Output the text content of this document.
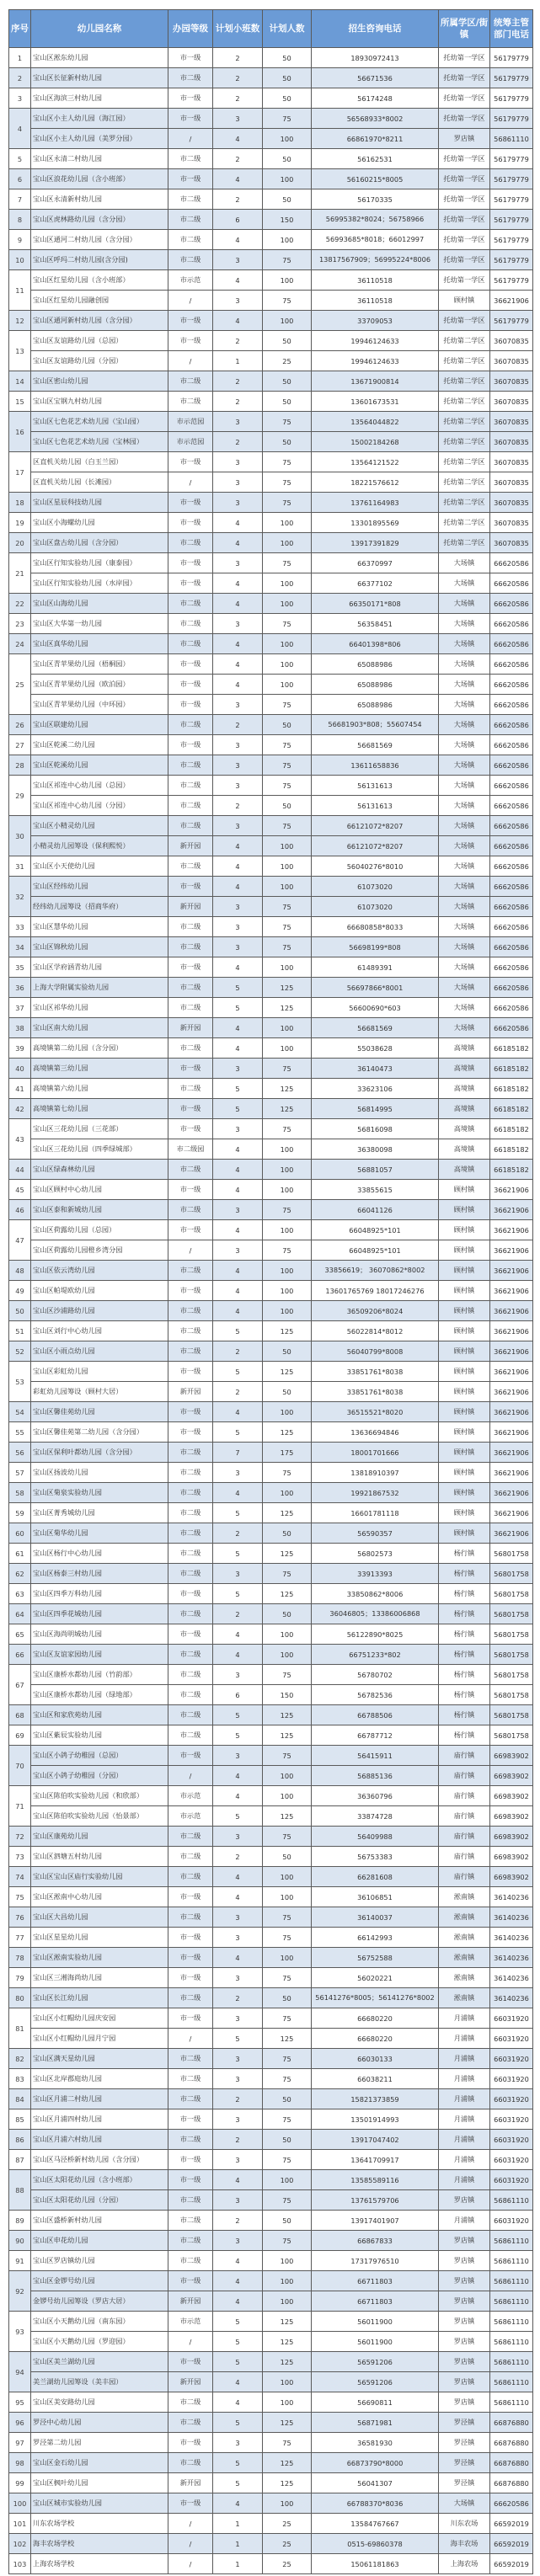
序号	幼儿园名称	办园等级	计划小班数	计划人数	招生咨询电话	所属学区/街镇	统筹主管部门电话
1	宝山区淞东幼儿园	市一级	2	50	18930972413	托幼第一学区	56179779
2	宝山区长征新村幼儿园	市二级	2	50	56671536	托幼第一学区	56179779
3	宝山区海滨三村幼儿园	市一级	2	50	56174248	托幼第一学区	56179779
4	宝山区小主人幼儿园（海江园）	市一级	3	75	56568933*8002	托幼第一学区	56179779
	宝山区小主人幼儿园（美罗分园）	/	4	100	66861970*8211	罗店镇	56861110
5	宝山区永清二村幼儿园	市二级	2	50	56162531	托幼第一学区	56179779
6	宝山区浪花幼儿园（含小班部）	市一级	4	100	56160215*8005	托幼第一学区	56179779
7	宝山区永清新村幼儿园	市二级	2	50	56170335	托幼第一学区	56179779
8	宝山区虎林路幼儿园（含分园）	市二级	6	150	56995382*8024；56758966	托幼第一学区	56179779
9	宝山区通河二村幼儿园（含分园）	市二级	4	100	56993685*8018；66012997	托幼第一学区	56179779
10	宝山区呼玛二村幼儿园(含分园)	市二级	3	75	13817567909；56995224*8006	托幼第一学区	56179779
11	宝山区红星幼儿园（含小班部）	市示范	4	100	36110518	托幼第一学区	56179779
	宝山区红星幼儿园融创园	/	3	75	36110518	顾村镇	36621906
12	宝山区通河新村幼儿园（含分园）	市一级	4	100	33709053	托幼第一学区	56179779
13	宝山区友谊路幼儿园（总园）	市一级	2	50	19946124633	托幼第二学区	36070835
	宝山区友谊路幼儿园（分园）	/	1	25	19946124633	托幼第二学区	36070835
14	宝山区密山幼儿园	市二级	2	50	13671900814	托幼第二学区	36070835
15	宝山区宝钢九村幼儿园	市二级	2	50	13601673531	托幼第二学区	36070835
16	宝山区七色花艺术幼儿园（宝山园）	市示范园	3	75	13564044822	托幼第二学区	36070835
	宝山区七色花艺术幼儿园（宝林园）	市示范园	2	50	15002184268	托幼第二学区	36070835
17	区直机关幼儿园（白玉兰园）	市一级	3	75	13564121522	托幼第二学区	36070835
	区直机关幼儿园（长滩园）	/	3	75	18221576612	托幼第二学区	36070835
18	宝山区星辰科技幼儿园	市一级	3	75	13761164983	托幼第二学区	36070835
19	宝山区小海螺幼儿园	市一级	4	100	13301895569	托幼第二学区	36070835
20	宝山区盘古幼儿园（含分园）	市二级	4	100	13917391829	托幼第二学区	36070835
21	宝山区行知实验幼儿园（康泰园）	市一级	3	75	66370997	大场镇	66620586
	宝山区行知实验幼儿园（水岸园）	市一级	4	100	66377102	大场镇	66620586
22	宝山区山海幼儿园	市二级	4	100	66350171*808	大场镇	66620586
23	宝山区大华第一幼儿园	市二级	3	75	56358451	大场镇	66620586
24	宝山区真华幼儿园	市二级	4	100	66401398*806	大场镇	66620586
25	宝山区青苹果幼儿园（梧桐园）	市一级	4	100	65088986	大场镇	66620586
	宝山区青苹果幼儿园（欧泊园）	市一级	4	100	65088986	大场镇	66620586
	宝山区青苹果幼儿园（中环园）	市一级	3	75	65088986	大场镇	66620586
26	宝山区联建幼儿园	市二级	2	50	56681903*808；55607454	大场镇	66620586
27	宝山区乾溪二幼儿园	市一级	3	75	56681569	大场镇	66620586
28	宝山区乾溪幼儿园	市二级	3	75	13611658836	大场镇	66620586
29	宝山区祁连中心幼儿园（总园）	市二级	3	75	56131613	大场镇	66620586
	宝山区祁连中心幼儿园（分园）	市二级	2	50	56131613	大场镇	66620586
30	宝山区小精灵幼儿园	市二级	3	75	66121072*8207	大场镇	66620586
	小精灵幼儿园筹设（保利熙悦）	新开园	4	100	66121072*8207	大场镇	66620586
31	宝山区小天使幼儿园	市二级	4	100	56040276*8010	大场镇	66620586
32	宝山区经纬幼儿园	市一级	4	100	61073020	大场镇	66620586
	经纬幼儿园筹设（招商华府）	新开园	3	75	61073020	大场镇	66620586
33	宝山区慧华幼儿园	市二级	3	75	66680858*8033	大场镇	66620586
34	宝山区锦秋幼儿园	市二级	3	75	56698199*808	大场镇	66620586
35	宝山区学府涵青幼儿园	市一级	4	100	61489391	大场镇	66620586
36	上海大学附属实验幼儿园	市二级	5	125	56697866*8001	大场镇	66620586
37	宝山区祁华幼儿园	市二级	5	125	56600690*603	大场镇	66620586
38	宝山区南大幼儿园	新开园	4	100	56681569	大场镇	66620586
39	高境镇第二幼儿园（含分园）	市二级	4	100	55038628	高境镇	66185182
40	高境镇第三幼儿园	市一级	3	75	36140473	高境镇	66185182
41	高境镇第六幼儿园	市二级	5	125	33623106	高境镇	66185182
42	高境镇第七幼儿园	市一级	5	125	56814995	高境镇	66185182
43	宝山区三花幼儿园（三花部）	市一级	3	75	56816098	高境镇	66185182
	宝山区三花幼儿园（四季绿城部）	市二级园	4	100	36380098	高境镇	66185182
44	宝山区绿森林幼儿园	市二级	4	100	56881057	高境镇	66185182
45	宝山区顾村中心幼儿园	市一级	4	100	33855615	顾村镇	36621906
46	宝山区泰和新城幼儿园	市二级	3	75	66041126	顾村镇	36621906
47	宝山区荷露幼儿园（总园）	市一级	4	100	66048925*101	顾村镇	36621906
	宝山区荷露幼儿园橙乡湾分园	/	3	75	66048925*101	顾村镇	36621906
48	宝山区依云湾幼儿园	市二级	4	100	33856619； 36070862*8002	顾村镇	36621906
49	宝山区帕堤欧幼儿园	市一级	4	100	13601765769 18017246276	顾村镇	36621906
50	宝山区沙浦路幼儿园	市二级	4	100	36509206*8024	顾村镇	36621906
51	宝山区刘行中心幼儿园	市二级	5	125	56022814*8012	顾村镇	36621906
52	宝山区小雨点幼儿园	市二级	2	50	56040799*8008	顾村镇	36621906
53	宝山区彩虹幼儿园	市一级	5	125	33851761*8038	顾村镇	36621906
	彩虹幼儿园筹设（顾村大居）	新开园	2	50	33851761*8038	顾村镇	36621906
54	宝山区馨佳苑幼儿园	市一级	4	100	36515521*8020	顾村镇	36621906
55	宝山区馨佳苑第二幼儿园（含分园）	市一级	5	125	13636694846	顾村镇	36621906
56	宝山区保利叶都幼儿园（含分园）	市二级	7	175	18001701666	顾村镇	36621906
57	宝山区扬波幼儿园	市二级	3	75	13818910397	顾村镇	36621906
58	宝山区菊泉实验幼儿园	市二级	4	100	19921867532	顾村镇	36621906
59	宝山区菁秀城幼儿园	市二级	5	125	16601781118	顾村镇	36621906
60	宝山区菊华幼儿园	市二级	2	50	56590357	顾村镇	36621906
61	宝山区杨行中心幼儿园	市二级	5	125	56802573	杨行镇	56801758
62	宝山区杨泰三村幼儿园	市二级	3	75	33913393	杨行镇	56801758
63	宝山区四季万科幼儿园	市一级	5	125	33850862*8006	杨行镇	56801758
64	宝山区四季花城幼儿园	市二级	2	50	36046805；13386006868	杨行镇	56801758
65	宝山区海尚明城幼儿园	市一级	4	100	56122890*8025	杨行镇	56801758
66	宝山区友谊家园幼儿园	市二级	4	100	66751233*802	杨行镇	56801758
67	宝山区康桥水都幼儿园（竹韵部）	市二级	3	75	56780702	杨行镇	56801758
	宝山区康桥水都幼儿园（绿地部）	市二级	6	150	56782536	杨行镇	56801758
68	宝山区和家欣苑幼儿园	市二级	5	125	66788506	杨行镇	56801758
69	宝山区紫辰实验幼儿园	市二级	5	125	66787712	杨行镇	56801758
70	宝山区小鸽子幼稚园（总园）	市一级	3	75	56415911	庙行镇	66983902
	宝山区小鸽子幼稚园（分园）	/	4	100	56885136	庙行镇	66983902
71	宝山区陈伯吹实验幼儿园（和欣部）	市示范	4	100	36360796	庙行镇	66983902
	宝山区陈伯吹实验幼儿园（怡景部）	市示范	5	125	33874728	庙行镇	66983902
72	宝山区康苑幼儿园	市二级	3	75	56409988	庙行镇	66983902
73	宝山区泗塘五村幼儿园	市二级	2	50	56753383	庙行镇	66983902
74	宝山区宝山区庙行实验幼儿园	市二级	4	100	66281608	庙行镇	66983902
75	宝山区淞南中心幼儿园	市一级	4	100	36106851	淞南镇	36140236
76	宝山区大昌幼儿园	市二级	3	75	36140037	淞南镇	36140236
77	宝山区星星幼儿园	市一级	3	75	66142993	淞南镇	36140236
78	宝山区淞南实验幼儿园	市一级	4	100	56752588	淞南镇	36140236
79	宝山区三湘海尚幼儿园	市一级	3	75	56020221	淞南镇	36140236
80	宝山区长江幼儿园	市二级	2	50	56141276*8005；56141276*8002	淞南镇	36140236
81	宝山区小红帽幼儿园庆安园	市一级	3	75	66680220	月浦镇	66031920
	宝山区小红帽幼儿园月宁园	/	5	125	66680220	月浦镇	66031920
82	宝山区满天星幼儿园	市二级	3	75	66030133	月浦镇	66031920
83	宝山区北岸郡庭幼儿园	市二级	3	75	66038211	月浦镇	66031920
84	宝山区月浦二村幼儿园	市二级	2	50	15821373859	月浦镇	66031920
85	宝山区月浦四村幼儿园	市一级	3	75	13501914993	月浦镇	66031920
86	宝山区月浦六村幼儿园	市二级	2	50	13917047402	月浦镇	66031920
87	宝山区马泾桥新村幼儿园（含分园）	市一级	3	75	13641709917	月浦镇	66031920
88	宝山区太阳花幼儿园（含小班部）	市一级	4	100	13585589116	月浦镇	66031920
	宝山区太阳花幼儿园（分园）	市二级	3	75	13761579706	罗店镇	56861110
89	宝山区盛桥新村幼儿园	市二级	2	50	13917401907	月浦镇	66031920
90	宝山区申花幼儿园	市二级	3	75	66867833	罗店镇	56861110
91	宝山区罗店镇幼儿园	市二级	4	100	17317976510	罗店镇	56861110
92	宝山区金锣号幼儿园	市一级	4	100	66711803	罗店镇	56861110
	金锣号幼儿园筹设（罗店大居）	新开园	4	100	66711803	罗店镇	56861110
93	宝山区小天鹅幼儿园（南东园）	市示范	5	125	56011900	罗店镇	56861110
	宝山区小天鹅幼儿园（罗迎园）	/	5	125	56011900	罗店镇	56861110
94	宝山区美兰湖幼儿园	市一级	5	125	56591206	罗店镇	56861110
	美兰湖幼儿园筹设（美丰园）	新开园	4	100	56591206	罗店镇	56861110
95	宝山区美安路幼儿园	市二级	4	100	56690811	罗店镇	56861110
96	罗泾中心幼儿园	市二级	5	125	56871981	罗泾镇	66876880
97	罗泾第二幼儿园	市一级	3	75	36581930	罗泾镇	66876880
98	宝山区金石幼儿园	市二级	5	125	66873790*8000	罗泾镇	66876880
99	宝山区枫叶幼儿园	新开园	5	125	56041307	罗泾镇	66876880
100	宝山区城市实验幼儿园	市一级	4	100	66788370*8036	大场镇	66620586
101	川东农场学校	/	1	25	13584767667	川东农场	66592019
102	海丰农场学校	/	1	25	0515-69860378	海丰农场	66592019
103	上海农场学校	/	1	25	15061181863	上海农场	66592019
